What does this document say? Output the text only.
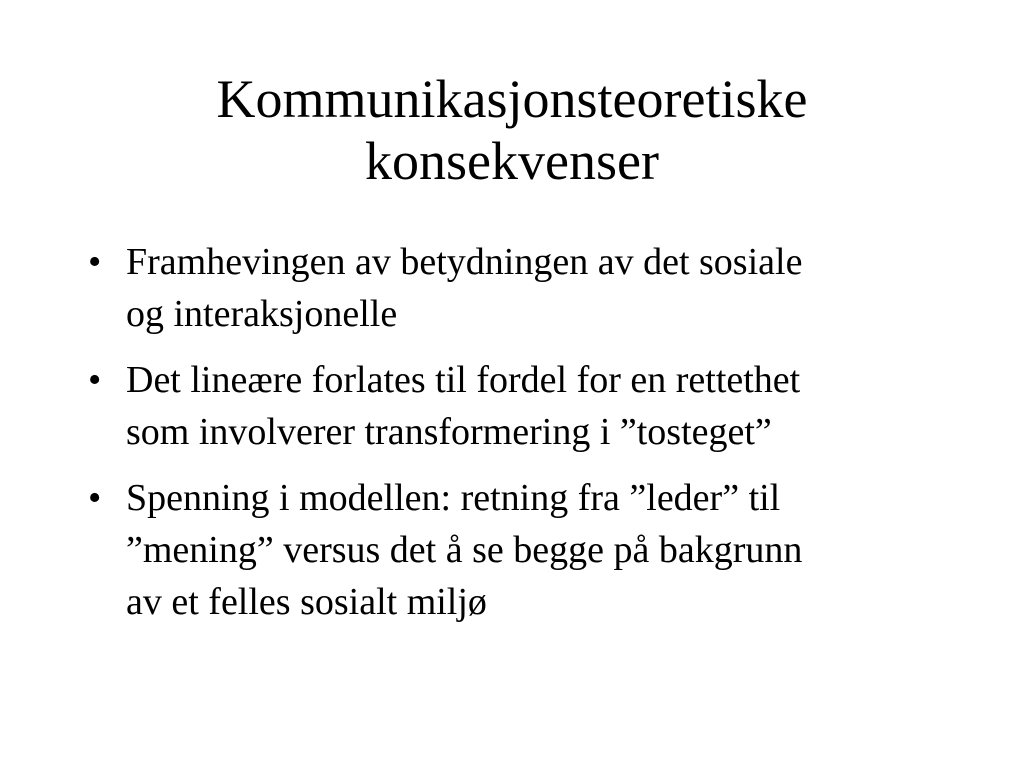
Kommunikasjonsteoretiske
konsekvenser
• Framhevingen av betydningen av det sosiale
og interaksjonelle
• Det lineære forlates til fordel for en rettethet
som involverer transformering i ”tosteget”
• Spenning i modellen: retning fra ”leder” til
”mening” versus det å se begge på bakgrunn
av et felles sosialt miljø
